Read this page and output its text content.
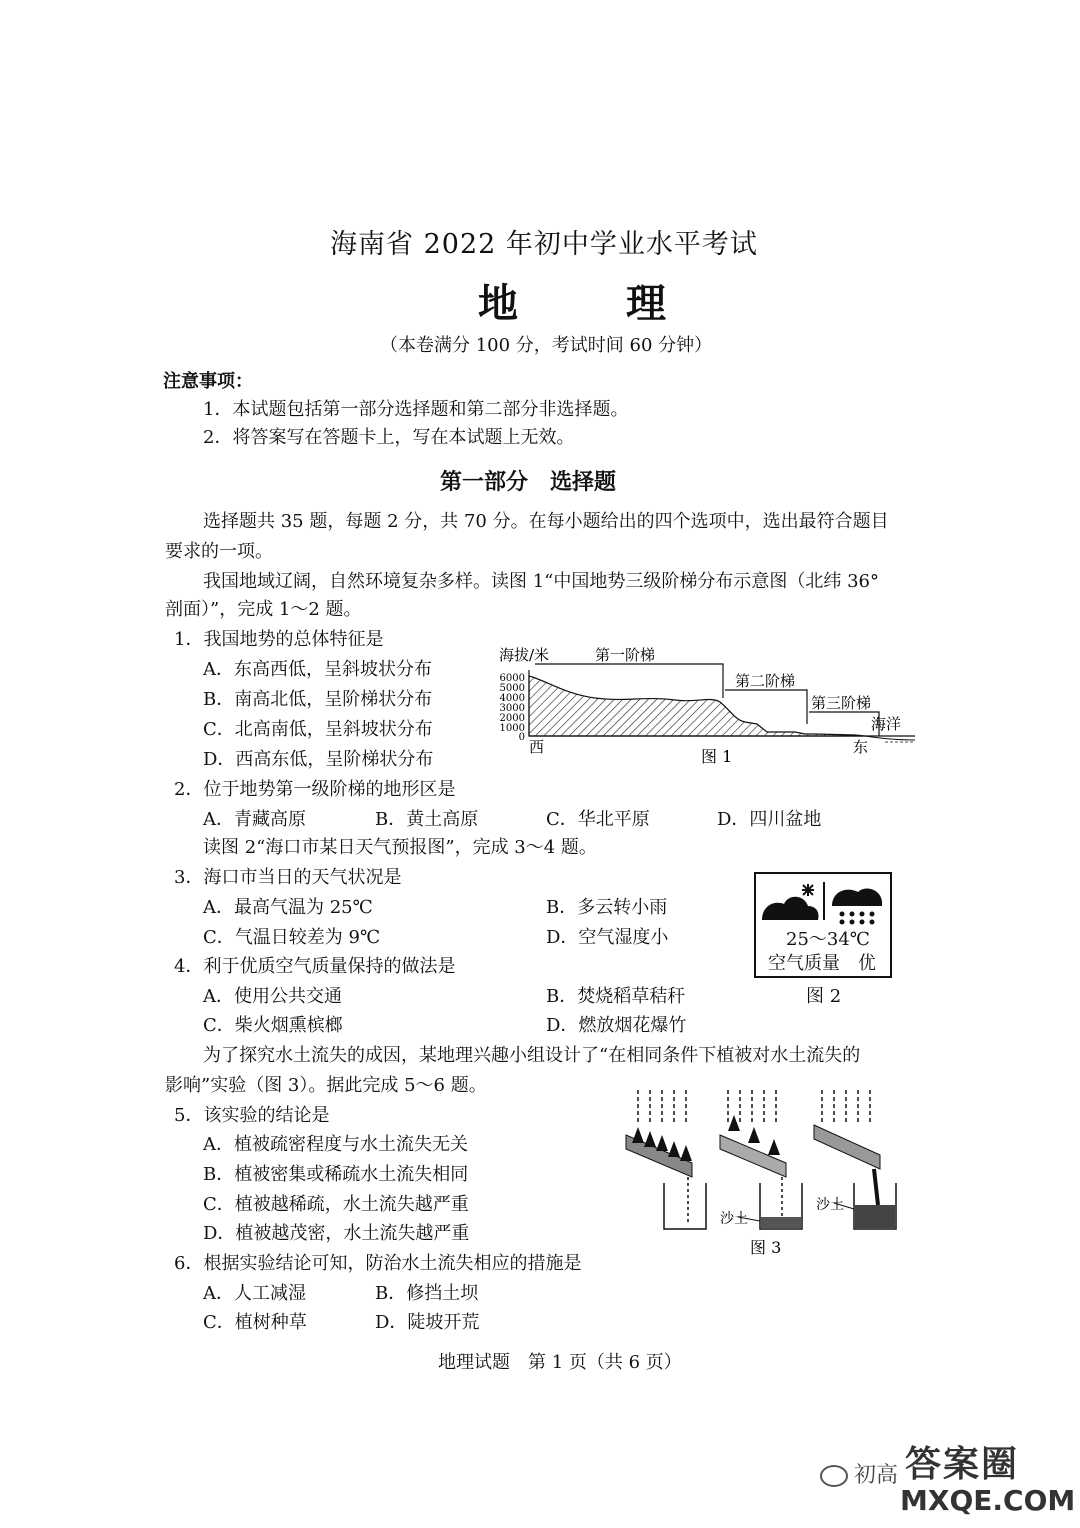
海南省 2022 年初中学业水平考试
地　理
（本卷满分 100 分，考试时间 60 分钟）
注意事项：
1．本试题包括第一部分选择题和第二部分非选择题。
2．将答案写在答题卡上，写在本试题上无效。
第一部分　选择题
选择题共 35 题，每题 2 分，共 70 分。在每小题给出的四个选项中，选出最符合题目
要求的一项。
我国地域辽阔，自然环境复杂多样。读图 1“中国地势三级阶梯分布示意图（北纬 36°
剖面）”，完成 1～2 题。
1．我国地势的总体特征是
A．东高西低，呈斜坡状分布
B．南高北低，呈阶梯状分布
C．北高南低，呈斜坡状分布
D．西高东低，呈阶梯状分布
海拔/米
6000
5000
4000
3000
2000
1000
0
第一阶梯
第二阶梯
第三阶梯
海洋
西	东
图 1
2．位于地势第一级阶梯的地形区是
A．青藏高原	B．黄土高原	C．华北平原	D．四川盆地
读图 2“海口市某日天气预报图”，完成 3～4 题。
3．海口市当日的天气状况是
A．最高气温为 25℃	B．多云转小雨
C．气温日较差为 9℃	D．空气湿度小	25～34℃
空气质量　优
图 2
4．利于优质空气质量保持的做法是
A．使用公共交通	B．焚烧稻草秸秆
C．柴火烟熏槟榔	D．燃放烟花爆竹
为了探究水土流失的成因，某地理兴趣小组设计了“在相同条件下植被对水土流失的
影响”实验（图 3）。据此完成 5～6 题。
5．该实验的结论是
A．植被疏密程度与水土流失无关
B．植被密集或稀疏水土流失相同
C．植被越稀疏，水土流失越严重
D．植被越茂密，水土流失越严重
沙土
沙土
图 3
6．根据实验结论可知，防治水土流失相应的措施是
A．人工减湿	B．修挡土坝
C．植树种草	D．陡坡开荒
地理试题　第 1 页（共 6 页）
初高 答案圈
MXQE.COM
